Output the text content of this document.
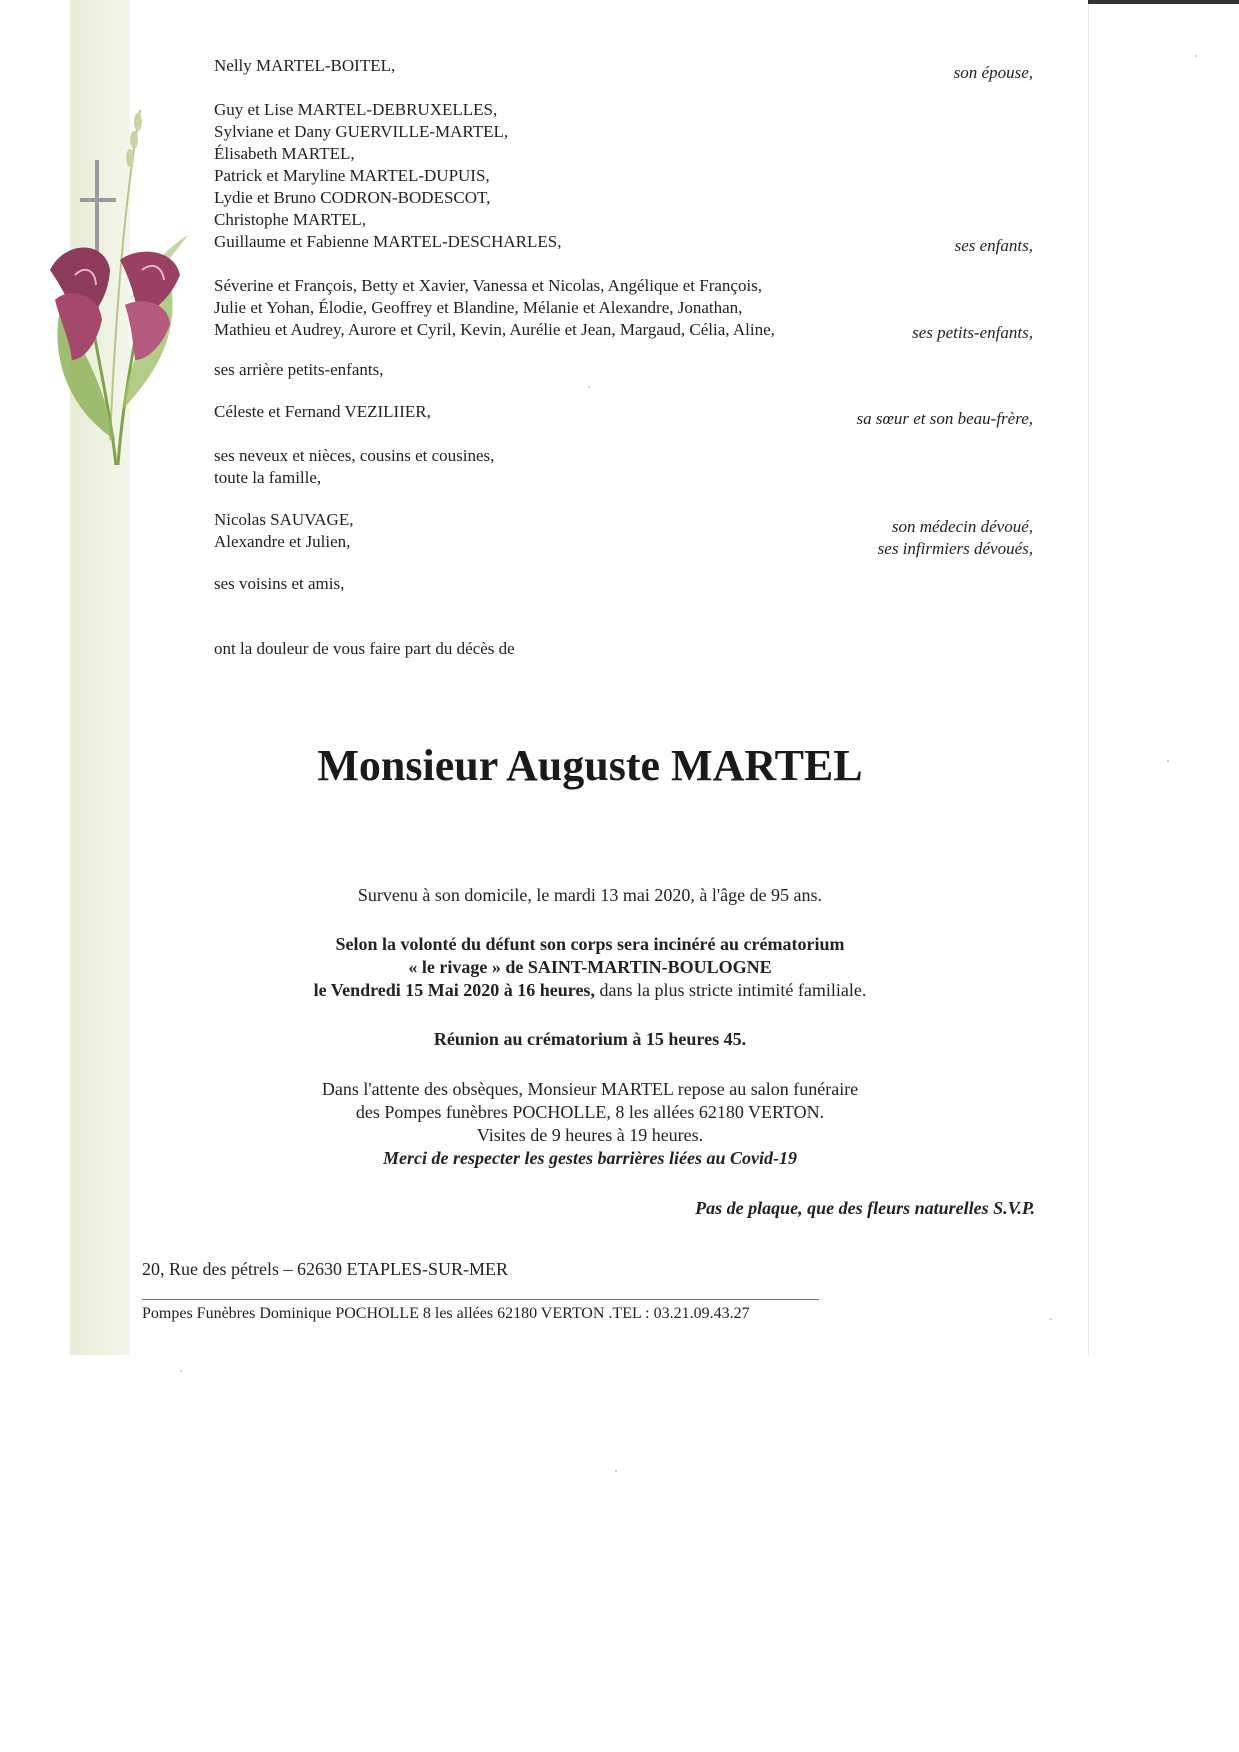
Nelly MARTEL-BOITEL,	son épouse,
Guy et Lise MARTEL-DEBRUXELLES,
Sylviane et Dany GUERVILLE-MARTEL,
Élisabeth MARTEL,
Patrick et Maryline MARTEL-DUPUIS,
Lydie et Bruno CODRON-BODESCOT,
Christophe MARTEL,
Guillaume et Fabienne MARTEL-DESCHARLES,	ses enfants,
Séverine et François, Betty et Xavier, Vanessa et Nicolas, Angélique et François,
Julie et Yohan, Élodie, Geoffrey et Blandine, Mélanie et Alexandre, Jonathan,
Mathieu et Audrey, Aurore et Cyril, Kevin, Aurélie et Jean, Margaud, Célia, Aline,	ses petits-enfants,
ses arrière petits-enfants,
Céleste et Fernand VEZILIIER,	sa sœur et son beau-frère,
ses neveux et nièces, cousins et cousines,
toute la famille,
Nicolas SAUVAGE,
Alexandre et Julien,
son médecin dévoué,
ses infirmiers dévoués,
ses voisins et amis,
ont la douleur de vous faire part du décès de
Monsieur Auguste MARTEL
Survenu à son domicile, le mardi 13 mai 2020, à l'âge de 95 ans.
Selon la volonté du défunt son corps sera incinéré au crématorium
« le rivage » de SAINT-MARTIN-BOULOGNE
le Vendredi 15 Mai 2020 à 16 heures, dans la plus stricte intimité familiale.
Réunion au crématorium à 15 heures 45.
Dans l'attente des obsèques, Monsieur MARTEL repose au salon funéraire
des Pompes funèbres POCHOLLE, 8 les allées 62180 VERTON.
Visites de 9 heures à 19 heures.
Merci de respecter les gestes barrières liées au Covid-19
Pas de plaque, que des fleurs naturelles S.V.P.
20, Rue des pétrels – 62630 ETAPLES-SUR-MER
Pompes Funèbres Dominique POCHOLLE 8 les allées 62180 VERTON .TEL : 03.21.09.43.27
